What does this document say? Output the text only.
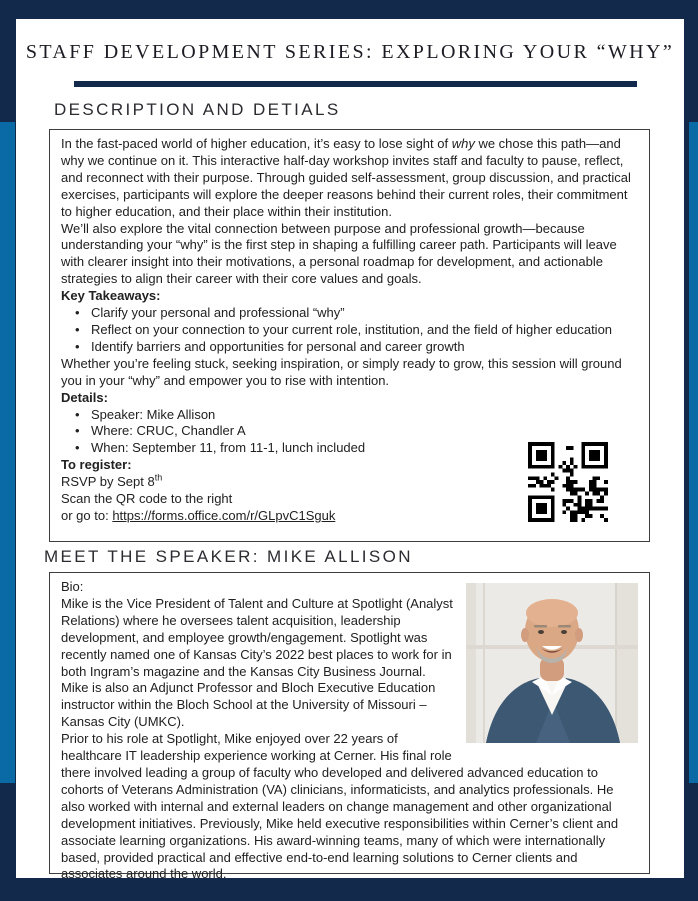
STAFF DEVELOPMENT SERIES: EXPLORING YOUR “WHY”
DESCRIPTION AND DETIALS

In the fast-paced world of higher education, it’s easy to lose sight of why we chose this path—and why we continue on it. This interactive half-day workshop invites staff and faculty to pause, reflect, and reconnect with their purpose. Through guided self-assessment, group discussion, and practical exercises, participants will explore the deeper reasons behind their current roles, their commitment to higher education, and their place within their institution.

We’ll also explore the vital connection between purpose and professional growth—because understanding your “why” is the first step in shaping a fulfilling career path. Participants will leave with clearer insight into their motivations, a personal roadmap for development, and actionable strategies to align their career with their core values and goals.

Key Takeaways:

• Clarify your personal and professional “why”
• Reflect on your connection to your current role, institution, and the field of higher education
• Identify barriers and opportunities for personal and career growth

Whether you’re feeling stuck, seeking inspiration, or simply ready to grow, this session will ground you in your “why” and empower you to rise with intention.

Details:

• Speaker: Mike Allison
• Where: CRUC, Chandler A
• When: September 11, from 11-1, lunch included

To register:

RSVP by Sept 8th

Scan the QR code to the right

or go to: https://forms.office.com/r/GLpvC1Sguk

MEET THE SPEAKER: MIKE ALLISON

Bio:

Mike is the Vice President of Talent and Culture at Spotlight (Analyst Relations) where he oversees talent acquisition, leadership development, and employee growth/engagement. Spotlight was recently named one of Kansas City’s 2022 best places to work for in both Ingram’s magazine and the Kansas City Business Journal. Mike is also an Adjunct Professor and Bloch Executive Education instructor within the Bloch School at the University of Missouri – Kansas City (UMKC).

Prior to his role at Spotlight, Mike enjoyed over 22 years of healthcare IT leadership experience working at Cerner. His final role there involved leading a group of faculty who developed and delivered advanced education to cohorts of Veterans Administration (VA) clinicians, informaticists, and analytics professionals. He also worked with internal and external leaders on change management and other organizational development initiatives. Previously, Mike held executive responsibilities within Cerner’s client and associate learning organizations. His award-winning teams, many of which were internationally based, provided practical and effective end-to-end learning solutions to Cerner clients and associates around the world.
